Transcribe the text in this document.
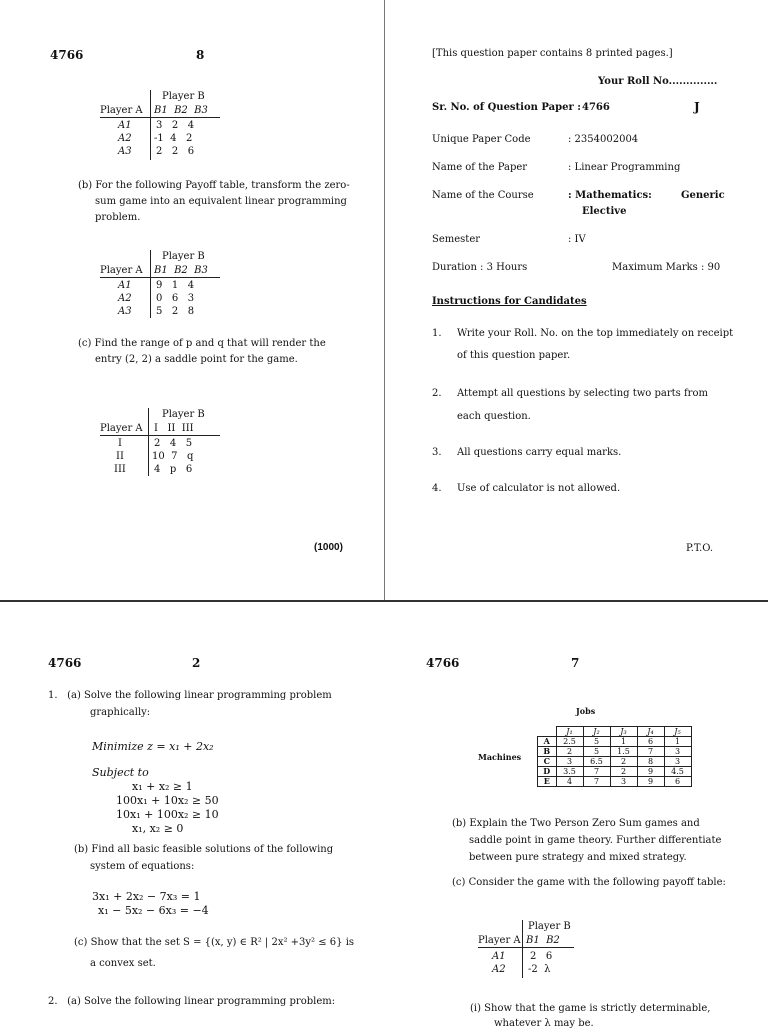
4766	8
Player B
Player A B1  B2  B3
A1 3   2   4
A2 -1  4   2
A3 2   2   6
(b) For the following Payoff table, transform the zero-
sum game into an equivalent linear programming
problem.
Player B
Player A B1  B2  B3
A1 9   1   4
A2 0   6   3
A3 5   2   8
(c) Find the range of p and q that will render the
entry (2, 2) a saddle point for the game.
Player B
Player A I   II  III
I	2   4   5
II	10  7   q
III	4   p   6
(1000)
[This question paper contains 8 printed pages.]
Your Roll No..............
Sr. No. of Question Paper : 4766	J
Unique Paper Code	: 2354002004
Name of the Paper	: Linear Programming
Name of the Course	: Mathematics:	Generic
Elective
Semester	: IV
Duration : 3 Hours	Maximum Marks : 90
Instructions for Candidates
1. Write your Roll. No. on the top immediately on receipt
of this question paper.
2. Attempt all questions by selecting two parts from
each question.
3. All questions carry equal marks.
4. Use of calculator is not allowed.
P.T.O.
4766	2
1.   (a) Solve the following linear programming problem
graphically:
Minimize z = x₁ + 2x₂
Subject to
x₁ + x₂ ≥ 1
100x₁ + 10x₂ ≥ 50
10x₁ + 100x₂ ≥ 10
x₁, x₂ ≥ 0
(b) Find all basic feasible solutions of the following
system of equations:
3x₁ + 2x₂ − 7x₃ = 1
x₁ − 5x₂ − 6x₃ = −4
(c) Show that the set S = {(x, y) ∈ R² | 2x² +3y² ≤ 6} is
a convex set.
2.   (a) Solve the following linear programming problem:
4766	7
Jobs
Machines
	J₁	J₂	J₃	J₄	J₅
A	2.5	5	1	6	1
B	2	5	1.5	7	3
C	3	6.5	2	8	3
D	3.5	7	2	9	4.5
E	4	7	3	9	6
(b) Explain the Two Person Zero Sum games and
saddle point in game theory. Further differentiate
between pure strategy and mixed strategy.
(c) Consider the game with the following payoff table:
Player B
Player A B1  B2
A1 2   6
A2 -2  λ
(i) Show that the game is strictly determinable,
whatever λ may be.
